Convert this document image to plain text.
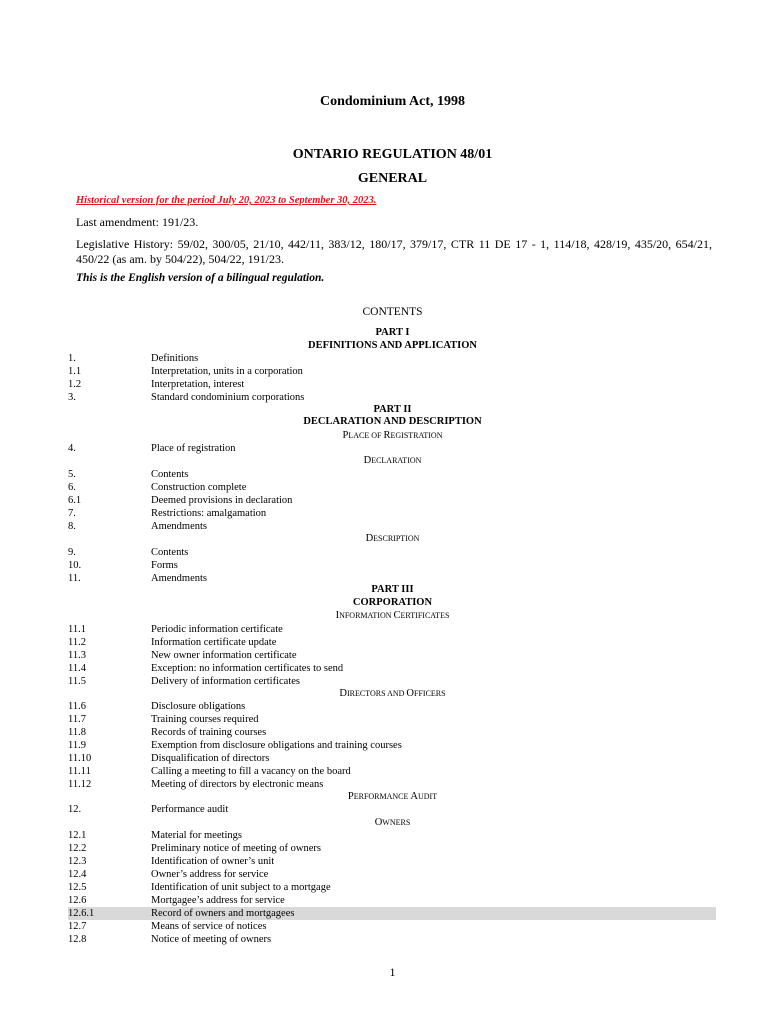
Condominium Act, 1998
ONTARIO REGULATION 48/01
GENERAL
Historical version for the period July 20, 2023 to September 30, 2023.
Last amendment: 191/23.
Legislative History: 59/02, 300/05, 21/10, 442/11, 383/12, 180/17, 379/17, CTR 11 DE 17 - 1, 114/18, 428/19, 435/20, 654/21, 450/22 (as am. by 504/22), 504/22, 191/23.
This is the English version of a bilingual regulation.
CONTENTS
PART I
DEFINITIONS AND APPLICATION
1.	Definitions
1.1	Interpretation, units in a corporation
1.2	Interpretation, interest
3.	Standard condominium corporations
PART II
DECLARATION AND DESCRIPTION
PLACE OF REGISTRATION
4.	Place of registration
DECLARATION
5.	Contents
6.	Construction complete
6.1	Deemed provisions in declaration
7.	Restrictions: amalgamation
8.	Amendments
DESCRIPTION
9.	Contents
10.	Forms
11.	Amendments
PART III
CORPORATION
INFORMATION CERTIFICATES
11.1	Periodic information certificate
11.2	Information certificate update
11.3	New owner information certificate
11.4	Exception: no information certificates to send
11.5	Delivery of information certificates
DIRECTORS AND OFFICERS
11.6	Disclosure obligations
11.7	Training courses required
11.8	Records of training courses
11.9	Exemption from disclosure obligations and training courses
11.10	Disqualification of directors
11.11	Calling a meeting to fill a vacancy on the board
11.12	Meeting of directors by electronic means
PERFORMANCE AUDIT
12.	Performance audit
OWNERS
12.1	Material for meetings
12.2	Preliminary notice of meeting of owners
12.3	Identification of owner’s unit
12.4	Owner’s address for service
12.5	Identification of unit subject to a mortgage
12.6	Mortgagee’s address for service
12.6.1	Record of owners and mortgagees
12.7	Means of service of notices
12.8	Notice of meeting of owners
1
